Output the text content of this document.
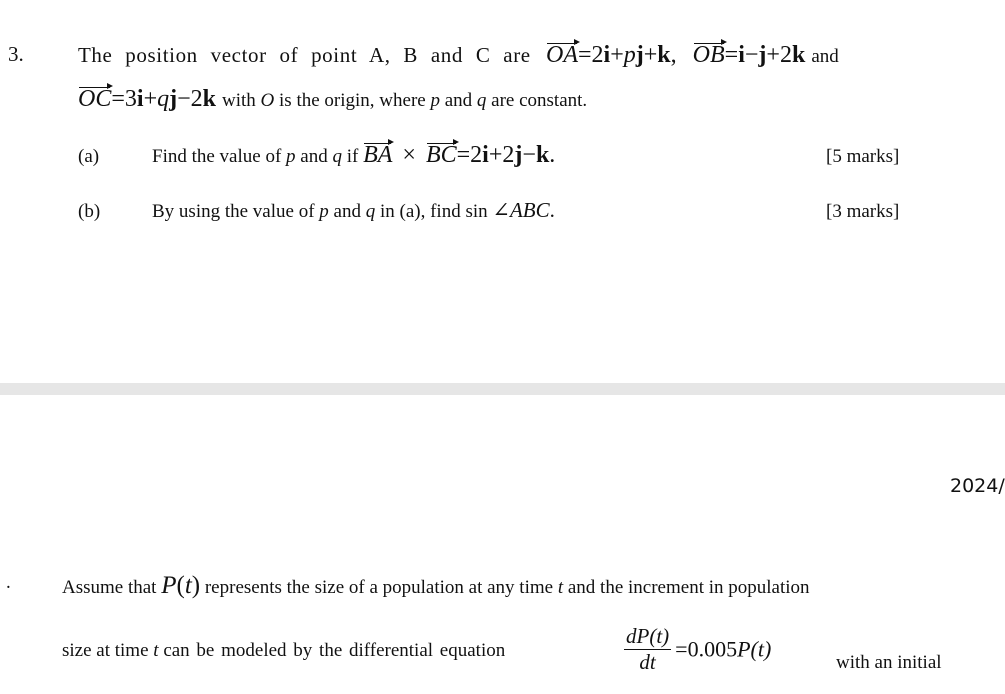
3.	The position vector of point A, B and C are OA=2i+pj+k, OB=i−j+2k and
OC=3i+qj−2k with O is the origin, where p and q are constant.
(a)	Find the value of p and q if BA × BC=2i+2j−k.	[5 marks]
(b)	By using the value of p and q in (a), find sin ∠ABC.	[3 marks]
2024/
.	Assume that P(t) represents the size of a population at any time t and the increment in population
size at time t can be modeled by the differential equation	$\frac{dP(t)}{dt} =0.005P(t)$
with an initial
